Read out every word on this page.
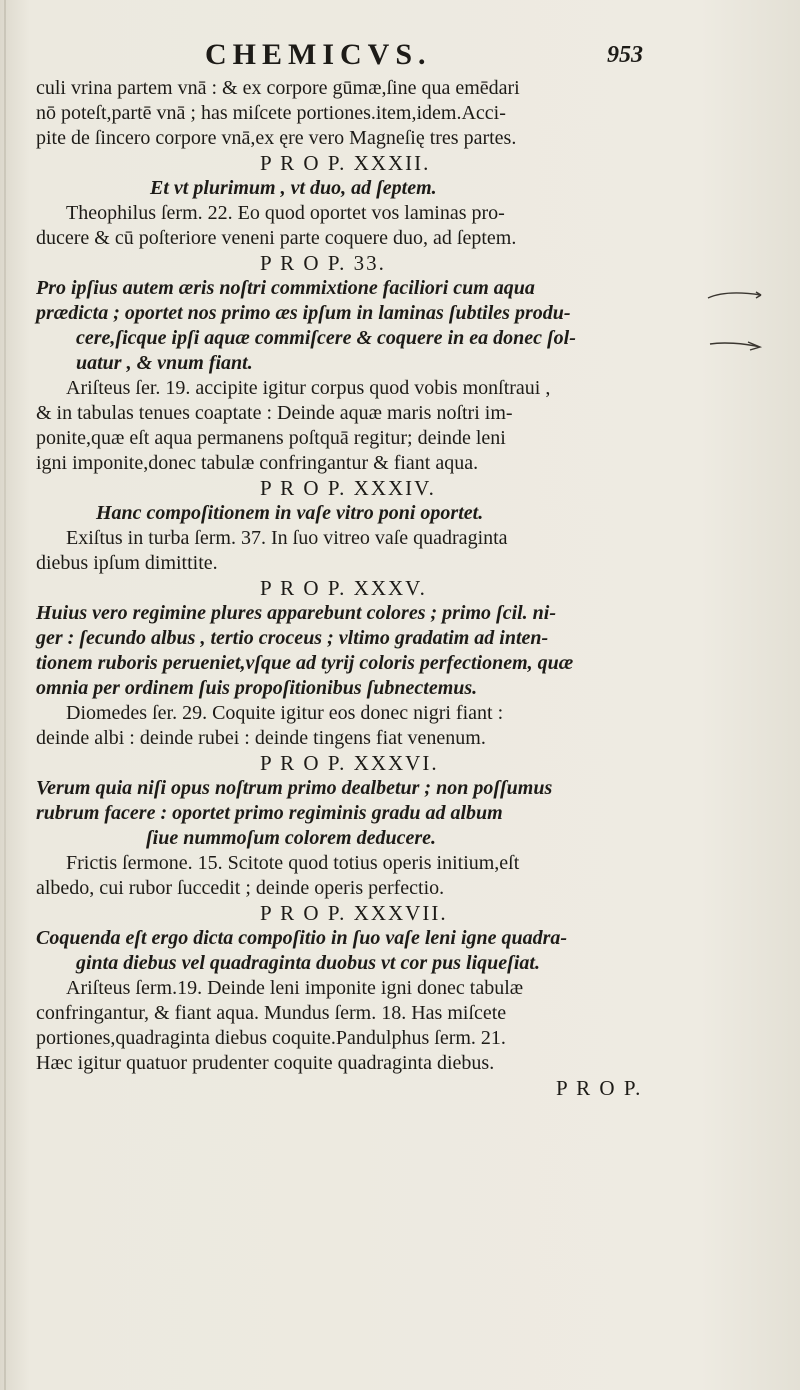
CHEMICVS.	953
culi vrina partem vnā : & ex corpore gūmæ,ſine qua emēdari
nō poteſt,partē vnā ; has miſcete portiones.item,idem.Acci-
pite de ſincero corpore vnā,ex ęre vero Magneſię tres partes.
P R O P. XXXII.
Et vt plurimum , vt duo, ad ſeptem.
Theophilus ſerm. 22. Eo quod oportet vos laminas pro-
ducere & cū poſteriore veneni parte coquere duo, ad ſeptem.
P R O P. 33.
Pro ipſius autem æris noſtri commixtione faciliori cum aqua
prædicta ; oportet nos primo æs ipſum in laminas ſubtiles produ-
cere,ſicque ipſi aquæ commiſcere & coquere in ea donec ſol-
uatur , & vnum fiant.
Ariſteus ſer. 19. accipite igitur corpus quod vobis monſtraui ,
& in tabulas tenues coaptate : Deinde aquæ maris noſtri im-
ponite,quæ eſt aqua permanens poſtquā regitur; deinde leni
igni imponite,donec tabulæ confringantur & fiant aqua.
P R O P. XXXIV.
Hanc compoſitionem in vaſe vitro poni oportet.
Exiſtus in turba ſerm. 37. In ſuo vitreo vaſe quadraginta
diebus ipſum dimittite.
P R O P. XXXV.
Huius vero regimine plures apparebunt colores ; primo ſcil. ni-
ger : ſecundo albus , tertio croceus ; vltimo gradatim ad inten-
tionem ruboris perueniet,vſque ad tyrij coloris perfectionem, quæ
omnia per ordinem ſuis propoſitionibus ſubnectemus.
Diomedes ſer. 29. Coquite igitur eos donec nigri fiant :
deinde albi : deinde rubei : deinde tingens fiat venenum.
P R O P. XXXVI.
Verum quia niſi opus noſtrum primo dealbetur ; non poſſumus
rubrum facere : oportet primo regiminis gradu ad album
ſiue nummoſum colorem deducere.
Frictis ſermone. 15. Scitote quod totius operis initium,eſt
albedo, cui rubor ſuccedit ; deinde operis perfectio.
P R O P. XXXVII.
Coquenda eſt ergo dicta compoſitio in ſuo vaſe leni igne quadra-
ginta diebus vel quadraginta duobus vt cor pus liqueſiat.
Ariſteus ſerm.19. Deinde leni imponite igni donec tabulæ
confringantur, & fiant aqua. Mundus ſerm. 18. Has miſcete
portiones,quadraginta diebus coquite.Pandulphus ſerm. 21.
Hæc igitur quatuor prudenter coquite quadraginta diebus.
P R O P.
